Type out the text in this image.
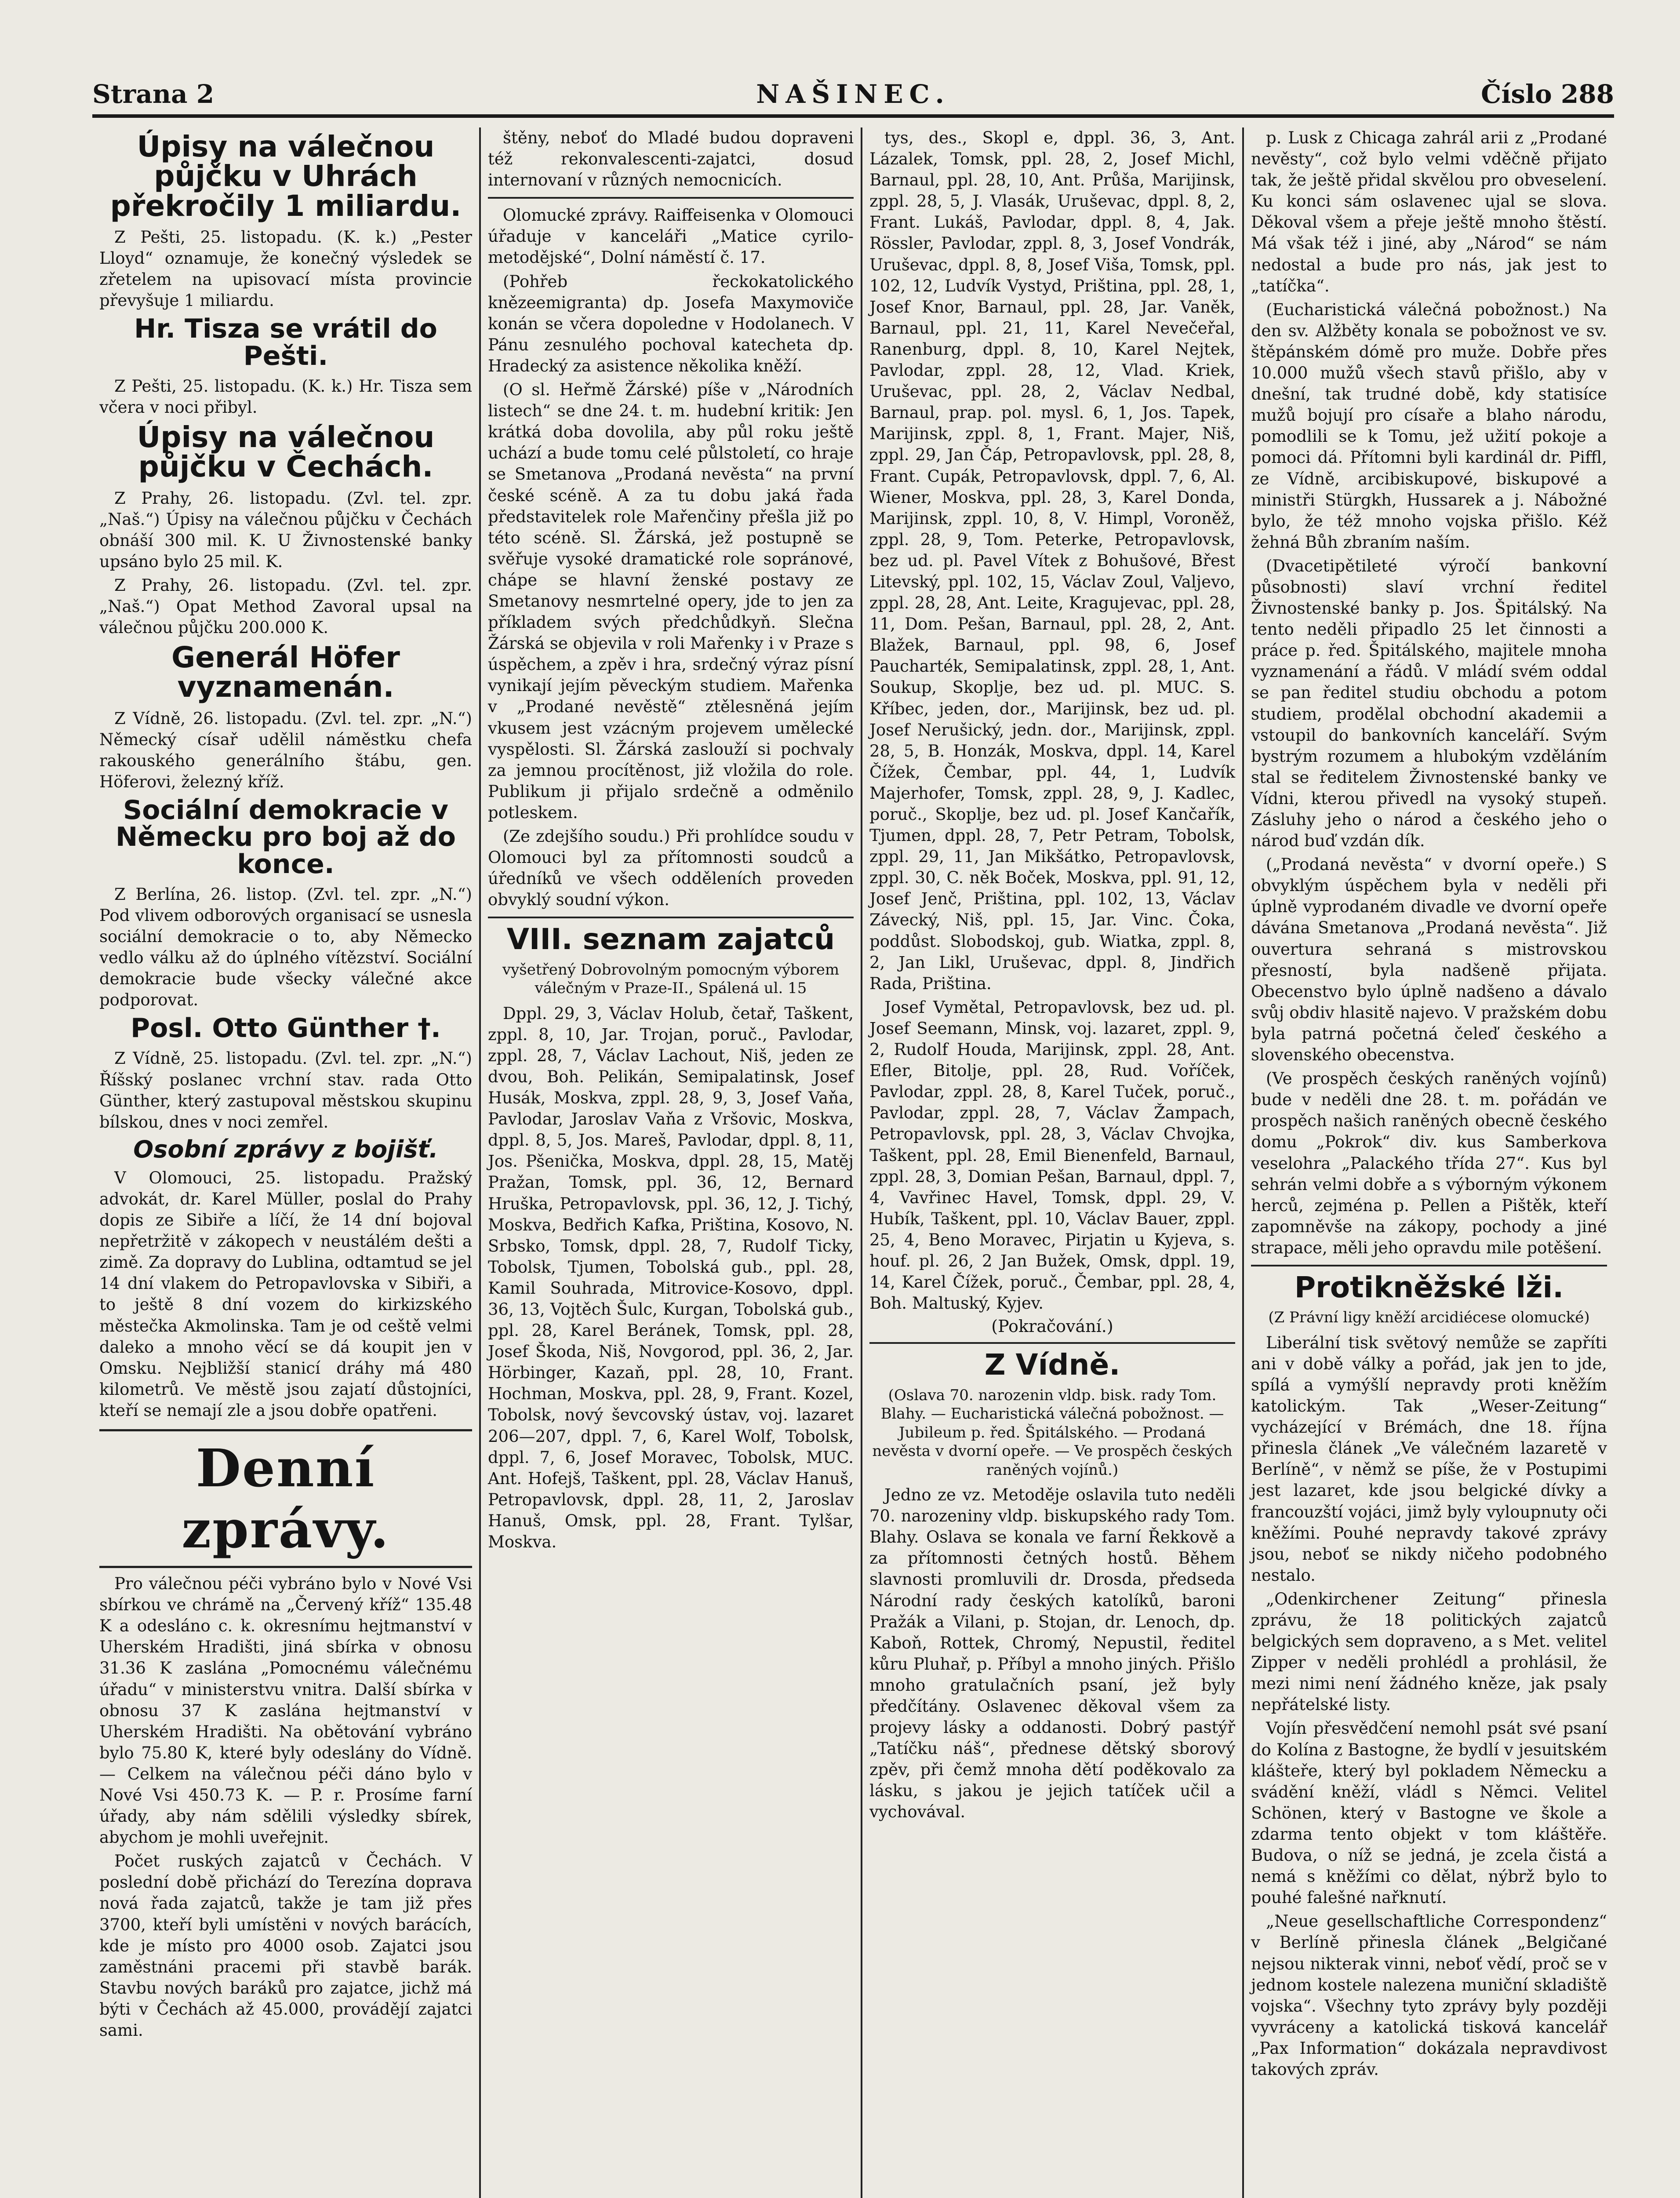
Strana 2	NAŠINEC.	Číslo 288
Úpisy na válečnou půjčku v Uhrách překročily 1 miliardu.

Z Pešti, 25. listopadu. (K. k.) „Pester Lloyd“ oznamuje, že konečný výsledek se zřetelem na upisovací místa provincie převyšuje 1 miliardu.

Hr. Tisza se vrátil do Pešti.

Z Pešti, 25. listopadu. (K. k.) Hr. Tisza sem včera v noci přibyl.

Úpisy na válečnou půjčku v Čechách.

Z Prahy, 26. listopadu. (Zvl. tel. zpr. „Naš.“) Úpisy na válečnou půjčku v Čechách obnáší 300 mil. K. U Živnostenské banky upsáno bylo 25 mil. K.

Z Prahy, 26. listopadu. (Zvl. tel. zpr. „Naš.“) Opat Method Zavoral upsal na válečnou půjčku 200.000 K.

Generál Höfer vyznamenán.

Z Vídně, 26. listopadu. (Zvl. tel. zpr. „N.“) Německý císař udělil náměstku chefa rakouského generálního štábu, gen. Höferovi, železný kříž.

Sociální demokracie v Německu pro boj až do konce.

Z Berlína, 26. listop. (Zvl. tel. zpr. „N.“) Pod vlivem odborových organisací se usnesla sociální demokracie o to, aby Německo vedlo válku až do úplného vítězství. Sociální demokracie bude všecky válečné akce podporovat.

Posl. Otto Günther †.

Z Vídně, 25. listopadu. (Zvl. tel. zpr. „N.“) Říšský poslanec vrchní stav. rada Otto Günther, který zastupoval městskou skupinu bílskou, dnes v noci zemřel.

Osobní zprávy z bojišť.

V Olomouci, 25. listopadu. Pražský advokát, dr. Karel Müller, poslal do Prahy dopis ze Sibiře a líčí, že 14 dní bojoval nepřetržitě v zákopech v neustálém dešti a zimě. Za dopravy do Lublina, odtamtud se jel 14 dní vlakem do Petropavlovska v Sibiři, a to ještě 8 dní vozem do kirkizského městečka Akmolinska. Tam je od ceště velmi daleko a mnoho věcí se dá koupit jen v Omsku. Nejbližší stanicí dráhy má 480 kilometrů. Ve městě jsou zajatí důstojníci, kteří se nemají zle a jsou dobře opatřeni.

Denní zprávy.

Pro válečnou péči vybráno bylo v Nové Vsi sbírkou ve chrámě na „Červený kříž“ 135.48 K a odesláno c. k. okresnímu hejtmanství v Uherském Hradišti, jiná sbírka v obnosu 31.36 K zaslána „Pomocnému válečnému úřadu“ v ministerstvu vnitra. Další sbírka v obnosu 37 K zaslána hejtmanství v Uherském Hradišti. Na obětování vybráno bylo 75.80 K, které byly odeslány do Vídně. — Celkem na válečnou péči dáno bylo v Nové Vsi 450.73 K. — P. r. Prosíme farní úřady, aby nám sdělili výsledky sbírek, abychom je mohli uveřejnit.

Počet ruských zajatců v Čechách. V poslední době přichází do Terezína doprava nová řada zajatců, takže je tam již přes 3700, kteří byli umístěni v nových barácích, kde je místo pro 4000 osob. Zajatci jsou zaměstnáni pracemi při stavbě barák. Stavbu nových baráků pro zajatce, jichž má býti v Čechách až 45.000, provádějí zajatci sami.

štěny, neboť do Mladé budou dopraveni též rekonvalescenti-zajatci, dosud internovaní v různých nemocnicích.

Olomucké zprávy. Raiffeisenka v Olomouci úřaduje v kanceláři „Matice cyrilo-metodějské“, Dolní náměstí č. 17.

(Pohřeb řeckokatolického knězeemigranta) dp. Josefa Maxymoviče konán se včera dopoledne v Hodolanech. V Pánu zesnulého pochoval katecheta dp. Hradecký za asistence několika kněží.

(O sl. Heřmě Žárské) píše v „Národních listech“ se dne 24. t. m. hudební kritik: Jen krátká doba dovolila, aby půl roku ještě uchází a bude tomu celé půlstoletí, co hraje se Smetanova „Prodaná nevěsta“ na první české scéně. A za tu dobu jaká řada představitelek role Mařenčiny přešla již po této scéně. Sl. Žárská, jež postupně se svěřuje vysoké dramatické role sopránové, chápe se hlavní ženské postavy ze Smetanovy nesmrtelné opery, jde to jen za příkladem svých předchůdkyň. Slečna Žárská se objevila v roli Mařenky i v Praze s úspěchem, a zpěv i hra, srdečný výraz písní vynikají jejím pěveckým studiem. Mařenka v „Prodané nevěstě“ ztělesněná jejím vkusem jest vzácným projevem umělecké vyspělosti. Sl. Žárská zaslouží si pochvaly za jemnou procítěnost, již vložila do role. Publikum ji přijalo srdečně a odměnilo potleskem.

(Ze zdejšího soudu.) Při prohlídce soudu v Olomouci byl za přítomnosti soudců a úředníků ve všech odděleních proveden obvyklý soudní výkon.

VIII. seznam zajatců
vyšetřený Dobrovolným pomocným výborem válečným v Praze-II., Spálená ul. 15

Dppl. 29, 3, Václav Holub, četař, Taškent, zppl. 8, 10, Jar. Trojan, poruč., Pavlodar, zppl. 28, 7, Václav Lachout, Niš, jeden ze dvou, Boh. Pelikán, Semipalatinsk, Josef Husák, Moskva, zppl. 28, 9, 3, Josef Vaňa, Pavlodar, Jaroslav Vaňa z Vršovic, Moskva, dppl. 8, 5, Jos. Mareš, Pavlodar, dppl. 8, 11, Jos. Pšenička, Moskva, dppl. 28, 15, Matěj Pražan, Tomsk, ppl. 36, 12, Bernard Hruška, Petropavlovsk, ppl. 36, 12, J. Tichý, Moskva, Bedřich Kafka, Priština, Kosovo, N. Srbsko, Tomsk, dppl. 28, 7, Rudolf Ticky, Tobolsk, Tjumen, Tobolská gub., ppl. 28, Kamil Souhrada, Mitrovice-Kosovo, dppl. 36, 13, Vojtěch Šulc, Kurgan, Tobolská gub., ppl. 28, Karel Beránek, Tomsk, ppl. 28, Josef Škoda, Niš, Novgorod, ppl. 36, 2, Jar. Hörbinger, Kazaň, ppl. 28, 10, Frant. Hochman, Moskva, ppl. 28, 9, Frant. Kozel, Tobolsk, nový ševcovský ústav, voj. lazaret 206—207, dppl. 7, 6, Karel Wolf, Tobolsk, dppl. 7, 6, Josef Moravec, Tobolsk, MUC. Ant. Hofejš, Taškent, ppl. 28, Václav Hanuš, Petropavlovsk, dppl. 28, 11, 2, Jaroslav Hanuš, Omsk, ppl. 28, Frant. Tylšar, Moskva.

tys, des., Skopl e, dppl. 36, 3, Ant. Lázalek, Tomsk, ppl. 28, 2, Josef Michl, Barnaul, ppl. 28, 10, Ant. Průša, Marijinsk, zppl. 28, 5, J. Vlasák, Uruševac, dppl. 8, 2, Frant. Lukáš, Pavlodar, dppl. 8, 4, Jak. Rössler, Pavlodar, zppl. 8, 3, Josef Vondrák, Uruševac, dppl. 8, 8, Josef Viša, Tomsk, ppl. 102, 12, Ludvík Vystyd, Priština, ppl. 28, 1, Josef Knor, Barnaul, ppl. 28, Jar. Vaněk, Barnaul, ppl. 21, 11, Karel Nevečeřal, Ranenburg, dppl. 8, 10, Karel Nejtek, Pavlodar, zppl. 28, 12, Vlad. Kriek, Uruševac, ppl. 28, 2, Václav Nedbal, Barnaul, prap. pol. mysl. 6, 1, Jos. Tapek, Marijinsk, zppl. 8, 1, Frant. Majer, Niš, zppl. 29, Jan Čáp, Petropavlovsk, ppl. 28, 8, Frant. Cupák, Petropavlovsk, dppl. 7, 6, Al. Wiener, Moskva, ppl. 28, 3, Karel Donda, Marijinsk, zppl. 10, 8, V. Himpl, Voroněž, zppl. 28, 9, Tom. Peterke, Petropavlovsk, bez ud. pl. Pavel Vítek z Bohušové, Břest Litevský, ppl. 102, 15, Václav Zoul, Valjevo, zppl. 28, 28, Ant. Leite, Kragujevac, ppl. 28, 11, Dom. Pešan, Barnaul, ppl. 28, 2, Ant. Blažek, Barnaul, ppl. 98, 6, Josef Paucharték, Semipalatinsk, zppl. 28, 1, Ant. Soukup, Skoplje, bez ud. pl. MUC. S. Kříbec, jeden, dor., Marijinsk, bez ud. pl. Josef Nerušický, jedn. dor., Marijinsk, zppl. 28, 5, B. Honzák, Moskva, dppl. 14, Karel Čížek, Čembar, ppl. 44, 1, Ludvík Majerhofer, Tomsk, zppl. 28, 9, J. Kadlec, poruč., Skoplje, bez ud. pl. Josef Kančařík, Tjumen, dppl. 28, 7, Petr Petram, Tobolsk, zppl. 29, 11, Jan Mikšátko, Petropavlovsk, zppl. 30, C. něk Boček, Moskva, ppl. 91, 12, Josef Jenč, Priština, ppl. 102, 13, Václav Závecký, Niš, ppl. 15, Jar. Vinc. Čoka, poddůst. Slobodskoj, gub. Wiatka, zppl. 8, 2, Jan Likl, Uruševac, dppl. 8, Jindřich Rada, Priština.

Josef Vymětal, Petropavlovsk, bez ud. pl. Josef Seemann, Minsk, voj. lazaret, zppl. 9, 2, Rudolf Houda, Marijinsk, zppl. 28, Ant. Efler, Bitolje, ppl. 28, Rud. Voříček, Pavlodar, zppl. 28, 8, Karel Tuček, poruč., Pavlodar, zppl. 28, 7, Václav Žampach, Petropavlovsk, ppl. 28, 3, Václav Chvojka, Taškent, ppl. 28, Emil Bienenfeld, Barnaul, zppl. 28, 3, Domian Pešan, Barnaul, dppl. 7, 4, Vavřinec Havel, Tomsk, dppl. 29, V. Hubík, Taškent, ppl. 10, Václav Bauer, zppl. 25, 4, Beno Moravec, Pirjatin u Kyjeva, s. houf. pl. 26, 2 Jan Bužek, Omsk, dppl. 19, 14, Karel Čížek, poruč., Čembar, ppl. 28, 4, Boh. Maltuský, Kyjev.

(Pokračování.)
Z Vídně.
(Oslava 70. narozenin vldp. bisk. rady Tom. Blahy. — Eucharistická válečná pobožnost. — Jubileum p. řed. Špitálského. — Prodaná nevěsta v dvorní opeře. — Ve prospěch českých raněných vojínů.)

Jedno ze vz. Metoděje oslavila tuto neděli 70. narozeniny vldp. biskupského rady Tom. Blahy. Oslava se konala ve farní Řekkově a za přítomnosti četných hostů. Během slavnosti promluvili dr. Drosda, předseda Národní rady českých katolíků, baroni Pražák a Vilani, p. Stojan, dr. Lenoch, dp. Kaboň, Rottek, Chromý, Nepustil, ředitel kůru Pluhař, p. Příbyl a mnoho jiných. Přišlo mnoho gratulačních psaní, jež byly předčítány. Oslavenec děkoval všem za projevy lásky a oddanosti. Dobrý pastýř „Tatíčku náš“, přednese dětský sborový zpěv, při čemž mnoha dětí poděkovalo za lásku, s jakou je jejich tatíček učil a vychovával.

p. Lusk z Chicaga zahrál arii z „Prodané nevěsty“, což bylo velmi vděčně přijato tak, že ještě přidal skvělou pro obveselení. Ku konci sám oslavenec ujal se slova. Děkoval všem a přeje ještě mnoho štěstí. Má však též i jiné, aby „Národ“ se nám nedostal a bude pro nás, jak jest to „tatíčka“.

(Eucharistická válečná pobožnost.) Na den sv. Alžběty konala se pobožnost ve sv. štěpánském dómě pro muže. Dobře přes 10.000 mužů všech stavů přišlo, aby v dnešní, tak trudné době, kdy statisíce mužů bojují pro císaře a blaho národu, pomodlili se k Tomu, jež užití pokoje a pomoci dá. Přítomni byli kardinál dr. Piffl, ze Vídně, arcibiskupové, biskupové a ministři Stürgkh, Hussarek a j. Nábožné bylo, že též mnoho vojska přišlo. Kéž žehná Bůh zbraním naším.

(Dvacetipětileté výročí bankovní působnosti) slaví vrchní ředitel Živnostenské banky p. Jos. Špitálský. Na tento neděli připadlo 25 let činnosti a práce p. řed. Špitálského, majitele mnoha vyznamenání a řádů. V mládí svém oddal se pan ředitel studiu obchodu a potom studiem, prodělal obchodní akademii a vstoupil do bankovních kanceláří. Svým bystrým rozumem a hlubokým vzděláním stal se ředitelem Živnostenské banky ve Vídni, kterou přivedl na vysoký stupeň. Zásluhy jeho o národ a českého jeho o národ buď vzdán dík.

(„Prodaná nevěsta“ v dvorní opeře.) S obvyklým úspěchem byla v neděli při úplně vyprodaném divadle ve dvorní opeře dávána Smetanova „Prodaná nevěsta“. Již ouvertura sehraná s mistrovskou přesností, byla nadšeně přijata. Obecenstvo bylo úplně nadšeno a dávalo svůj obdiv hlasitě najevo. V pražském dobu byla patrná početná čeleď českého a slovenského obecenstva.

(Ve prospěch českých raněných vojínů) bude v neděli dne 28. t. m. pořádán ve prospěch našich raněných obecně českého domu „Pokrok“ div. kus Samberkova veselohra „Palackého třída 27“. Kus byl sehrán velmi dobře a s výborným výkonem herců, zejména p. Pellen a Pištěk, kteří zapomněvše na zákopy, pochody a jiné strapace, měli jeho opravdu mile potěšení.

Protikněžské lži.
(Z Právní ligy kněží arcidiécese olomucké)

Liberální tisk světový nemůže se zapříti ani v době války a pořád, jak jen to jde, spílá a vymýšlí nepravdy proti kněžím katolickým. Tak „Weser-Zeitung“ vycházející v Brémách, dne 18. října přinesla článek „Ve válečném lazaretě v Berlíně“, v němž se píše, že v Postupimi jest lazaret, kde jsou belgické dívky a francouzští vojáci, jimž byly vyloupnuty oči kněžími. Pouhé nepravdy takové zprávy jsou, neboť se nikdy ničeho podobného nestalo.

„Odenkirchener Zeitung“ přinesla zprávu, že 18 politických zajatců belgických sem dopraveno, a s Met. velitel Zipper v neděli prohlédl a prohlásil, že mezi nimi není žádného kněze, jak psaly nepřátelské listy.

Vojín přesvědčení nemohl psát své psaní do Kolína z Bastogne, že bydlí v jesuitském klášteře, který byl pokladem Německu a svádění kněží, vládl s Němci. Velitel Schönen, který v Bastogne ve škole a zdarma tento objekt v tom kláštěře. Budova, o níž se jedná, je zcela čistá a nemá s kněžími co dělat, nýbrž bylo to pouhé falešné nařknutí.

„Neue gesellschaftliche Correspondenz“ v Berlíně přinesla článek „Belgičané nejsou nikterak vinni, neboť vědí, proč se v jednom kostele nalezena muniční skladiště vojska“. Všechny tyto zprávy byly později vyvráceny a katolická tisková kancelář „Pax Information“ dokázala nepravdivost takových zpráv.
